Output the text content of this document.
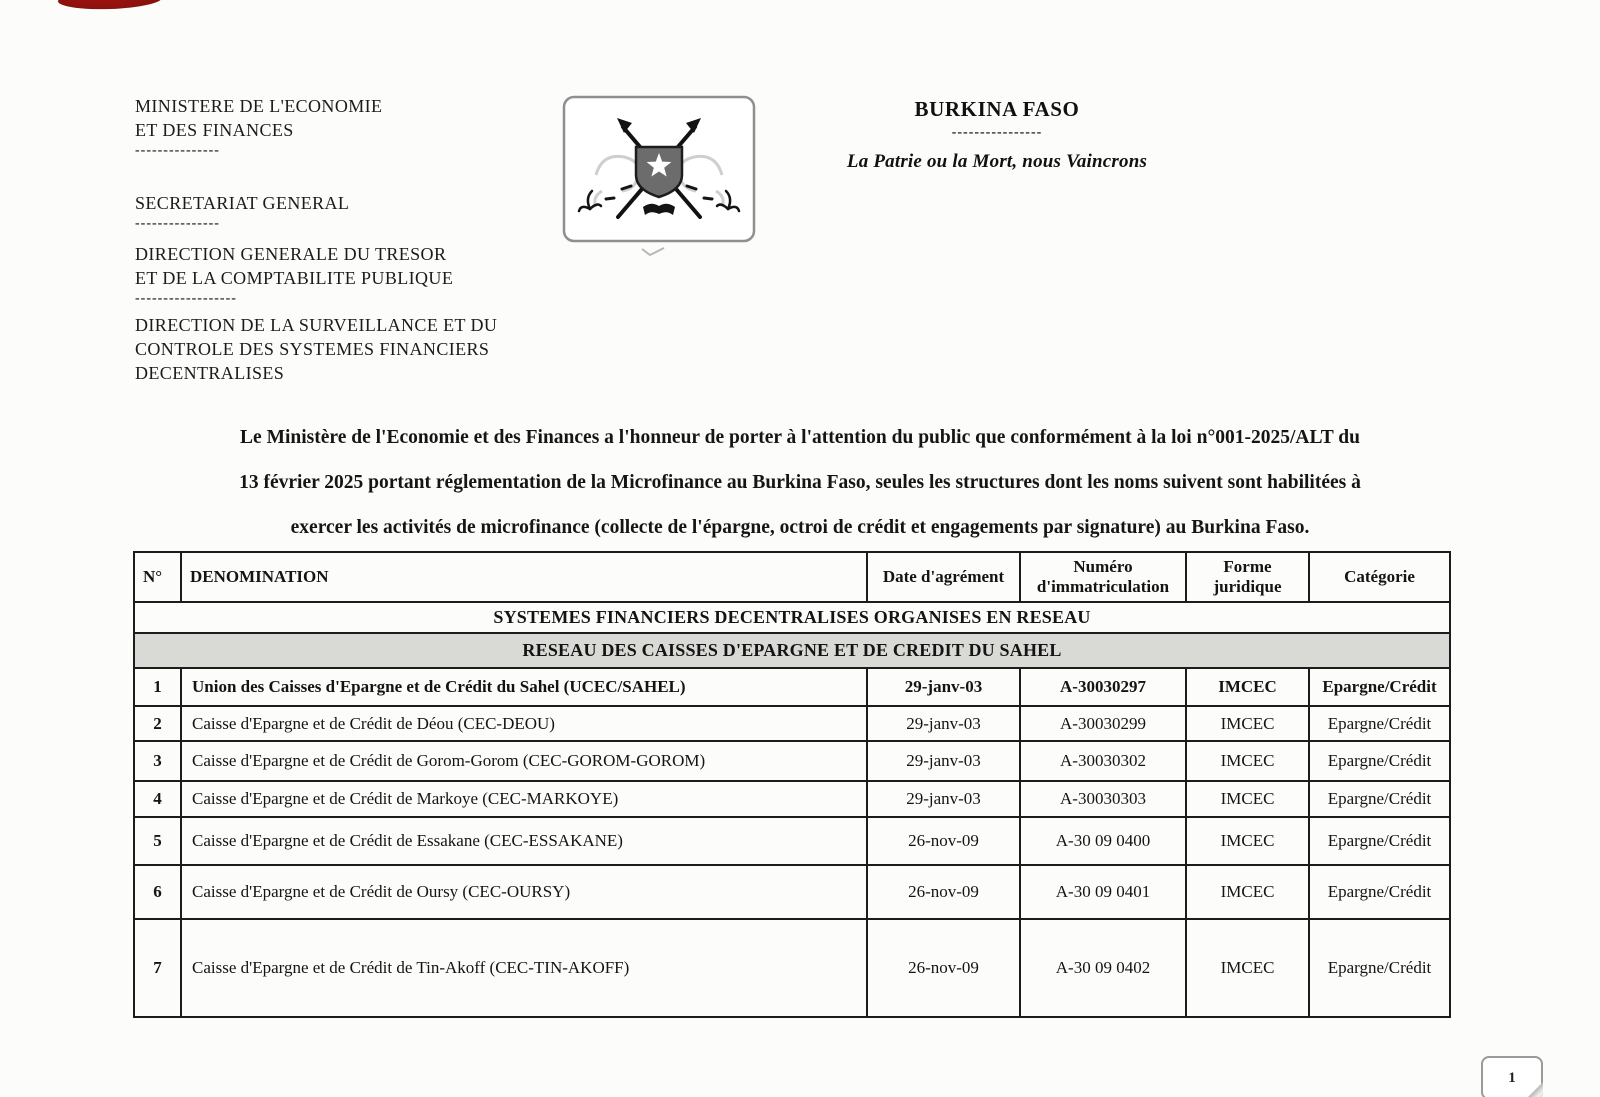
MINISTERE DE L'ECONOMIE
ET DES FINANCES
---------------
SECRETARIAT GENERAL
---------------
DIRECTION GENERALE DU TRESOR
ET DE LA COMPTABILITE PUBLIQUE
------------------
DIRECTION DE LA SURVEILLANCE ET DU
CONTROLE DES SYSTEMES FINANCIERS
DECENTRALISES
BURKINA FASO
----------------
La Patrie ou la Mort, nous Vaincrons
Le Ministère de l'Economie et des Finances a l'honneur de porter à l'attention du public que conformément à la loi n°001-2025/ALT du
13 février 2025 portant réglementation de la Microfinance au Burkina Faso, seules les structures dont les noms suivent sont habilitées à
exercer les activités de microfinance (collecte de l'épargne, octroi de crédit et engagements par signature) au Burkina Faso.
N°	DENOMINATION	Date d'agrément	Numéro d'immatriculation	Forme juridique	Catégorie
SYSTEMES FINANCIERS DECENTRALISES ORGANISES EN RESEAU					
RESEAU DES CAISSES D'EPARGNE ET DE CREDIT DU SAHEL					
1	Union des Caisses d'Epargne et de Crédit du Sahel (UCEC/SAHEL)	29-janv-03	A-30030297	IMCEC	Epargne/Crédit
2	Caisse d'Epargne et de Crédit de Déou (CEC-DEOU)	29-janv-03	A-30030299	IMCEC	Epargne/Crédit
3	Caisse d'Epargne et de Crédit de Gorom-Gorom (CEC-GOROM-GOROM)	29-janv-03	A-30030302	IMCEC	Epargne/Crédit
4	Caisse d'Epargne et de Crédit de Markoye (CEC-MARKOYE)	29-janv-03	A-30030303	IMCEC	Epargne/Crédit
5	Caisse d'Epargne et de Crédit de Essakane (CEC-ESSAKANE)	26-nov-09	A-30 09 0400	IMCEC	Epargne/Crédit
6	Caisse d'Epargne et de Crédit de Oursy (CEC-OURSY)	26-nov-09	A-30 09 0401	IMCEC	Epargne/Crédit
7	Caisse d'Epargne et de Crédit de Tin-Akoff (CEC-TIN-AKOFF)	26-nov-09	A-30 09 0402	IMCEC	Epargne/Crédit
1
